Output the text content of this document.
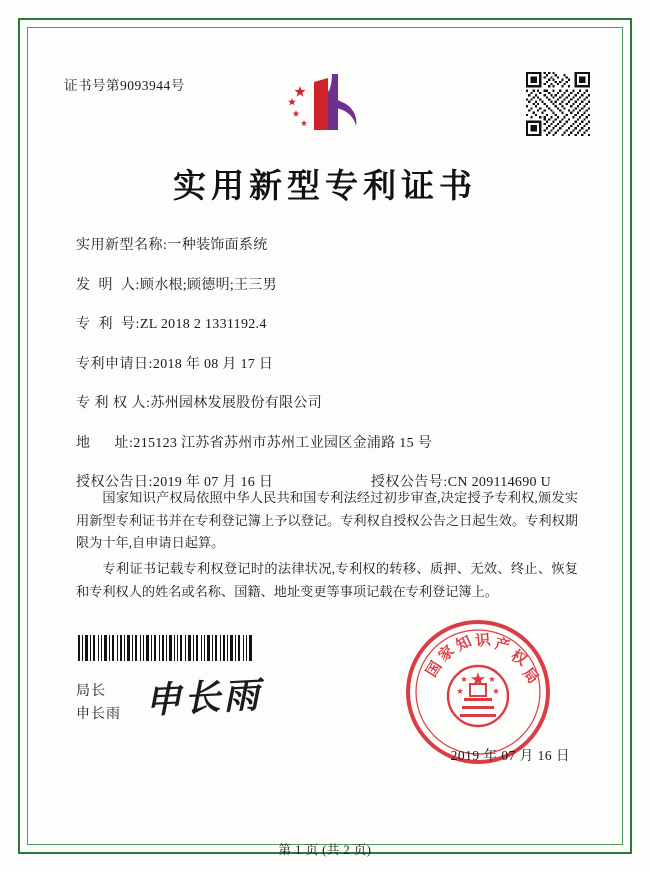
证书号第9093944号
实用新型专利证书
实用新型名称: 一种装饰面系统
发  明  人: 顾水根;顾德明;王三男
专  利  号: ZL 2018 2 1331192.4
专利申请日: 2018 年 08 月 17 日
专 利 权 人: 苏州园林发展股份有限公司
地      址: 215123 江苏省苏州市苏州工业园区金浦路 15 号
授权公告日: 2019 年 07 月 16 日	授权公告号: CN 209114690 U

国家知识产权局依照中华人民共和国专利法经过初步审查,决定授予专利权,颁发实用新型专利证书并在专利登记簿上予以登记。专利权自授权公告之日起生效。专利权期限为十年,自申请日起算。

专利证书记载专利权登记时的法律状况,专利权的转移、质押、无效、终止、恢复和专利权人的姓名或名称、国籍、地址变更等事项记载在专利登记簿上。

局长
申长雨 申长雨
国
家
知 识 产
权
局
2019 年 07 月 16 日
第 1 页 (共 2 页)
